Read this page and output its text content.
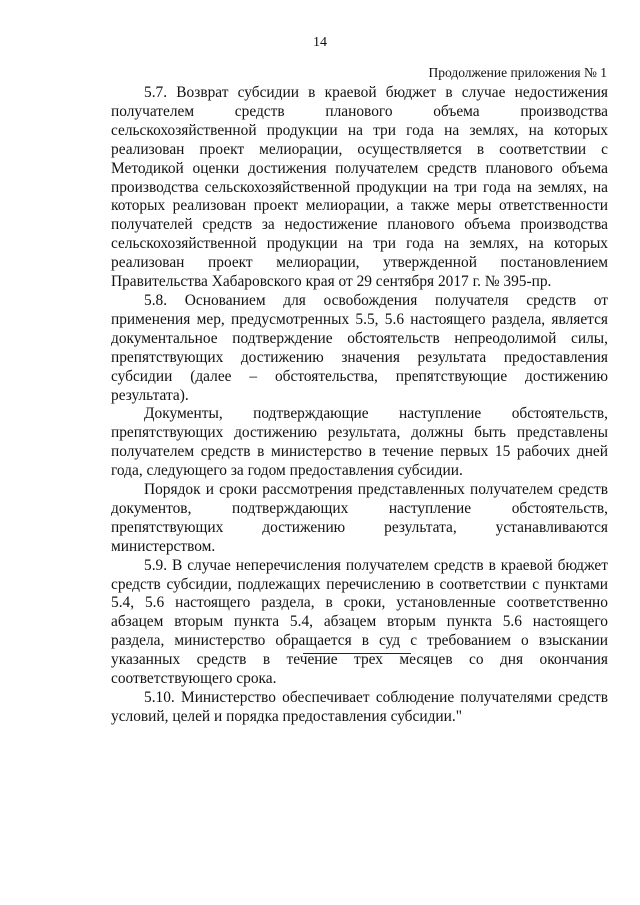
14
Продолжение приложения № 1

5.7. Возврат субсидии в краевой бюджет в случае недостижения получателем средств планового объема производства сельскохозяйственной продукции на три года на землях, на которых реализован проект мелиорации, осуществляется в соответствии с Методикой оценки достижения получателем средств планового объема производства сельскохозяйственной продукции на три года на землях, на которых реализован проект мелиорации, а также меры ответственности получателей средств за недостижение планового объема производства сельскохозяйственной продукции на три года на землях, на которых реализован проект мелиорации, утвержденной постановлением Правительства Хабаровского края от 29 сентября 2017 г. № 395-пр.

5.8. Основанием для освобождения получателя средств от применения мер, предусмотренных 5.5, 5.6 настоящего раздела, является документальное подтверждение обстоятельств непреодолимой силы, препятствующих достижению значения результата предоставления субсидии (далее – обстоятельства, препятствующие достижению результата).

Документы, подтверждающие наступление обстоятельств, препятствующих достижению результата, должны быть представлены получателем средств в министерство в течение первых 15 рабочих дней года, следующего за годом предоставления субсидии.

Порядок и сроки рассмотрения представленных получателем средств документов, подтверждающих наступление обстоятельств, препятствующих достижению результата, устанавливаются министерством.

5.9. В случае неперечисления получателем средств в краевой бюджет средств субсидии, подлежащих перечислению в соответствии с пунктами 5.4, 5.6 настоящего раздела, в сроки, установленные соответственно абзацем вторым пункта 5.4, абзацем вторым пункта 5.6 настоящего раздела, министерство обращается в суд с требованием о взыскании указанных средств в течение трех месяцев со дня окончания соответствующего срока.

5.10. Министерство обеспечивает соблюдение получателями средств условий, целей и порядка предоставления субсидии."
